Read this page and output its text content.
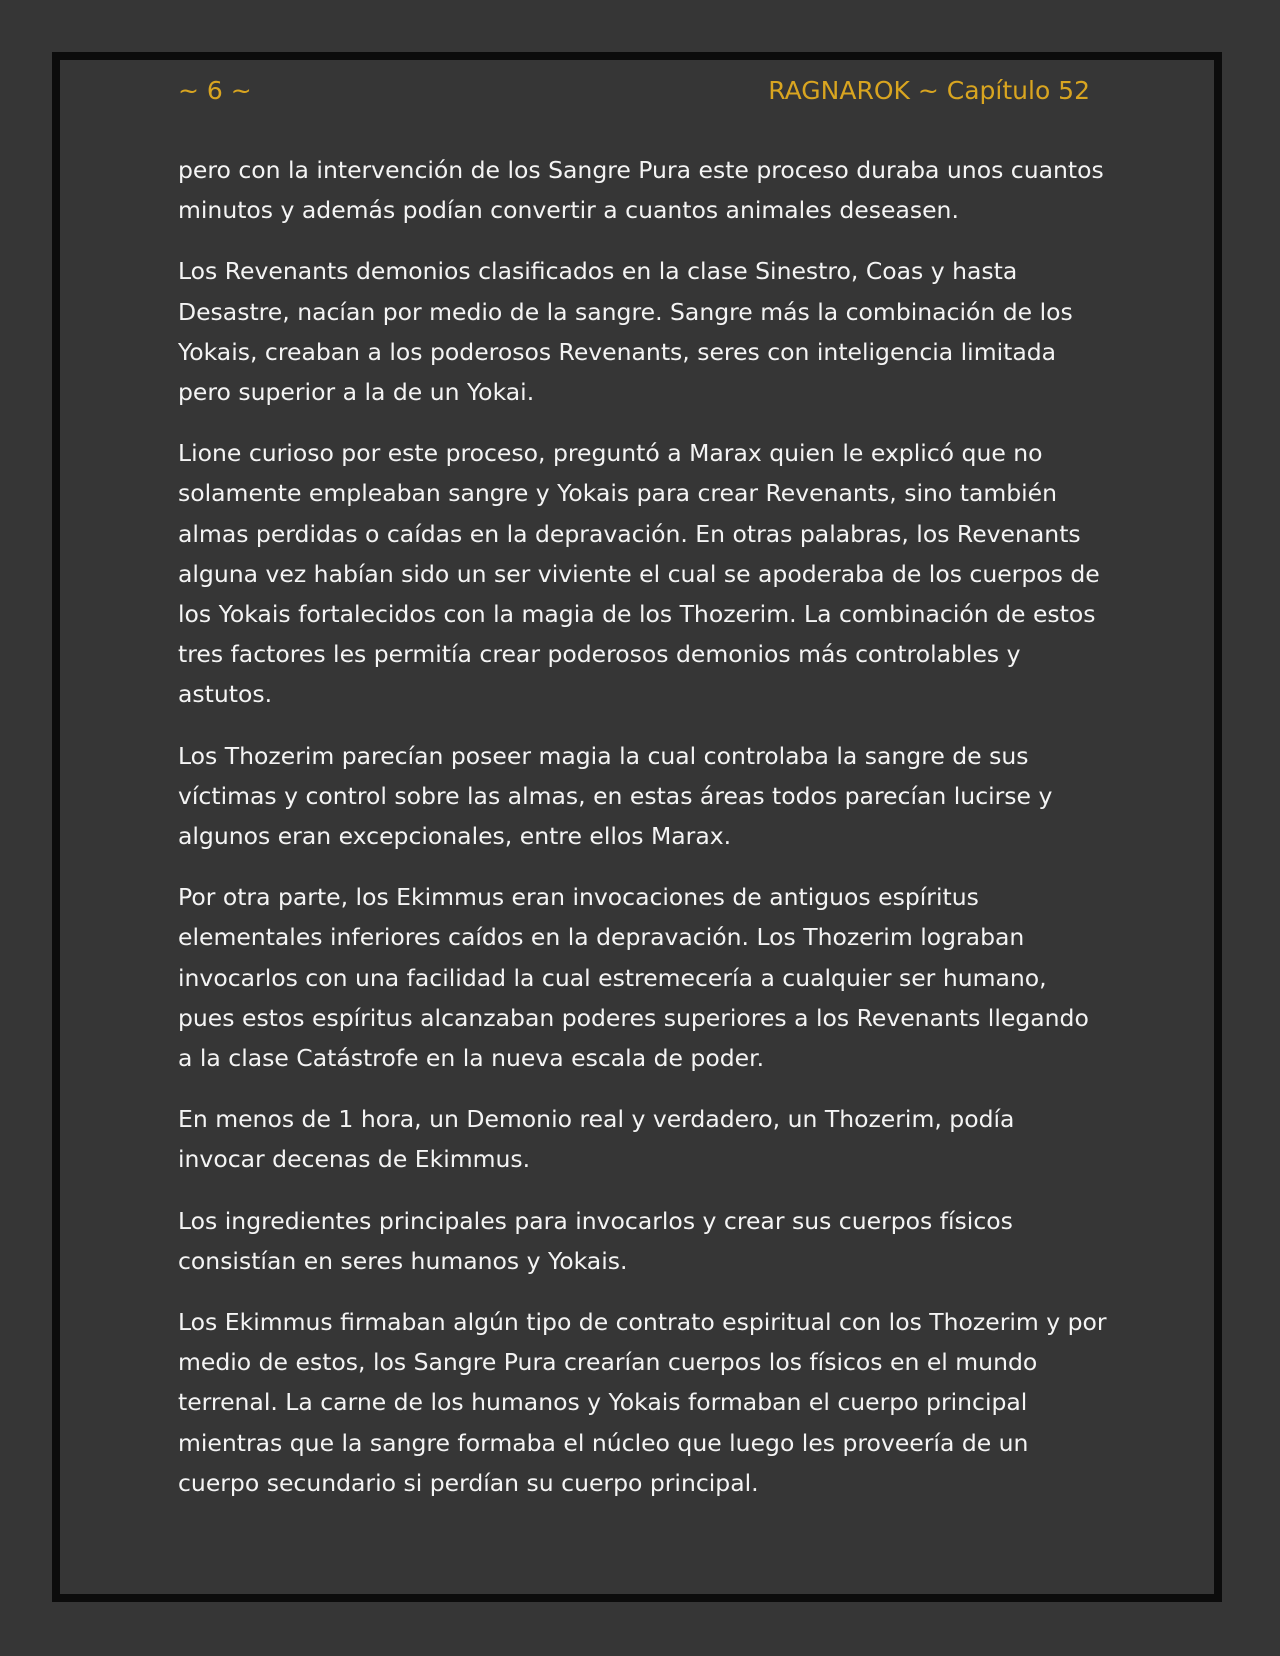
~ 6 ~	RAGNAROK ~ Capítulo 52

pero con la intervención de los Sangre Pura este proceso duraba unos cuantos minutos y además podían convertir a cuantos animales deseasen.

Los Revenants demonios clasificados en la clase Sinestro, Coas y hasta Desastre, nacían por medio de la sangre. Sangre más la combinación de los Yokais, creaban a los poderosos Revenants, seres con inteligencia limitada pero superior a la de un Yokai.

Lione curioso por este proceso, preguntó a Marax quien le explicó que no solamente empleaban sangre y Yokais para crear Revenants, sino también almas perdidas o caídas en la depravación. En otras palabras, los Revenants alguna vez habían sido un ser viviente el cual se apoderaba de los cuerpos de los Yokais fortalecidos con la magia de los Thozerim. La combinación de estos tres factores les permitía crear poderosos demonios más controlables y astutos.

Los Thozerim parecían poseer magia la cual controlaba la sangre de sus víctimas y control sobre las almas, en estas áreas todos parecían lucirse y algunos eran excepcionales, entre ellos Marax.

Por otra parte, los Ekimmus eran invocaciones de antiguos espíritus elementales inferiores caídos en la depravación. Los Thozerim lograban invocarlos con una facilidad la cual estremecería a cualquier ser humano, pues estos espíritus alcanzaban poderes superiores a los Revenants llegando a la clase Catástrofe en la nueva escala de poder.

En menos de 1 hora, un Demonio real y verdadero, un Thozerim, podía invocar decenas de Ekimmus.

Los ingredientes principales para invocarlos y crear sus cuerpos físicos consistían en seres humanos y Yokais.

Los Ekimmus firmaban algún tipo de contrato espiritual con los Thozerim y por medio de estos, los Sangre Pura crearían cuerpos los físicos en el mundo terrenal. La carne de los humanos y Yokais formaban el cuerpo principal mientras que la sangre formaba el núcleo que luego les proveería de un cuerpo secundario si perdían su cuerpo principal.
